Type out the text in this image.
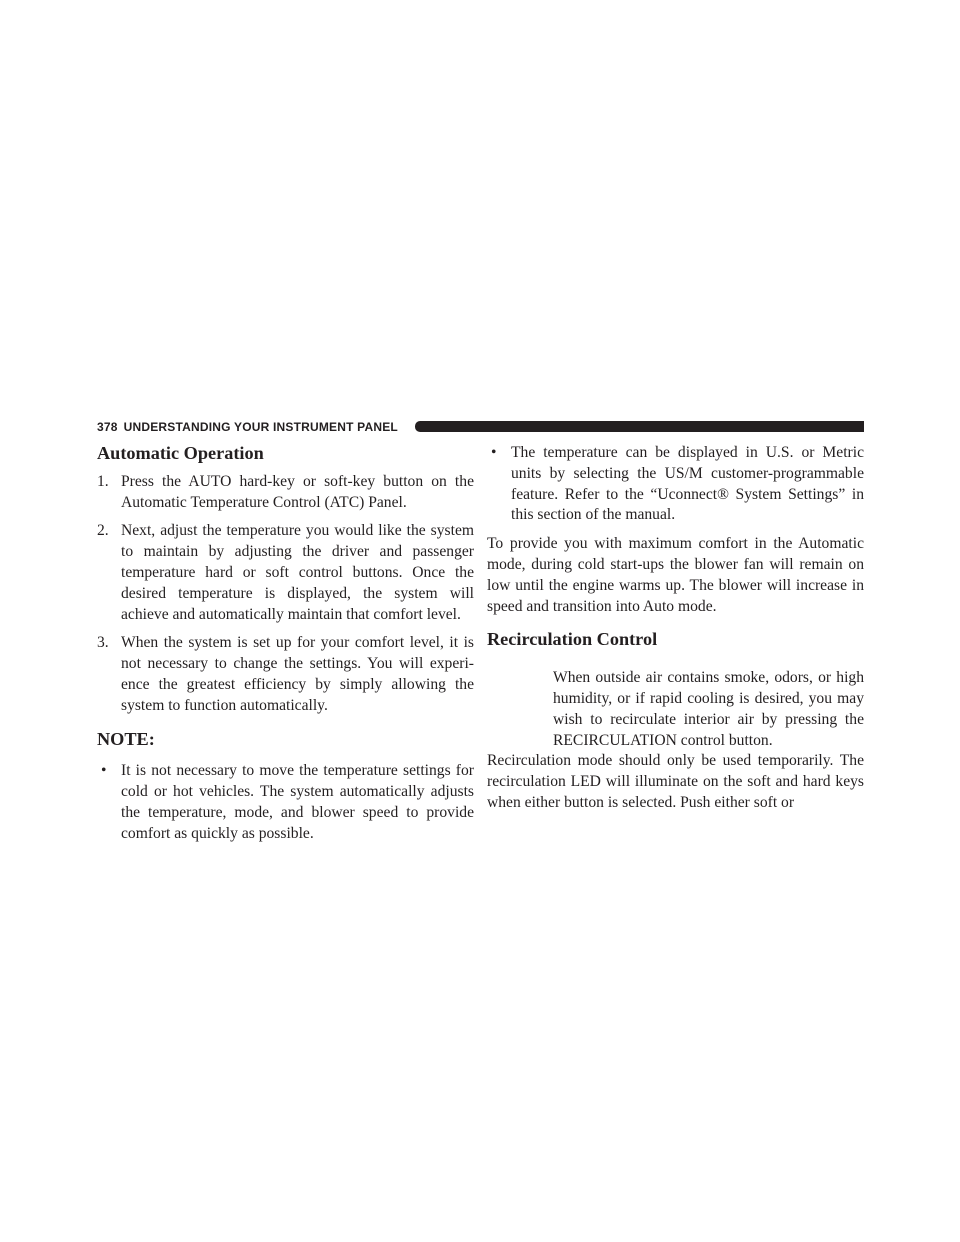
378 UNDERSTANDING YOUR INSTRUMENT PANEL
Automatic Operation
1. Press the AUTO hard-key or soft-key button on the Automatic Temperature Control (ATC) Panel.
2. Next, adjust the temperature you would like the system to maintain by adjusting the driver and passenger temperature hard or soft control buttons. Once the desired temperature is displayed, the system will achieve and automatically maintain that comfort level.
3. When the system is set up for your comfort level, it is not necessary to change the settings. You will experience the greatest efficiency by simply allowing the system to function automatically.
NOTE:
• It is not necessary to move the temperature settings for cold or hot vehicles. The system automatically adjusts the temperature, mode, and blower speed to provide comfort as quickly as possible.
• The temperature can be displayed in U.S. or Metric units by selecting the US/M customer-programmable feature. Refer to the “Uconnect® System Settings” in this section of the manual.

To provide you with maximum comfort in the Automatic mode, during cold start-ups the blower fan will remain on low until the engine warms up. The blower will increase in speed and transition into Auto mode.

Recirculation Control

When outside air contains smoke, odors, or high humidity, or if rapid cooling is desired, you may wish to recirculate interior air by pressing the RECIRCULATION control button.

Recirculation mode should only be used temporarily. The recirculation LED will illuminate on the soft and hard keys when either button is selected. Push either soft or
